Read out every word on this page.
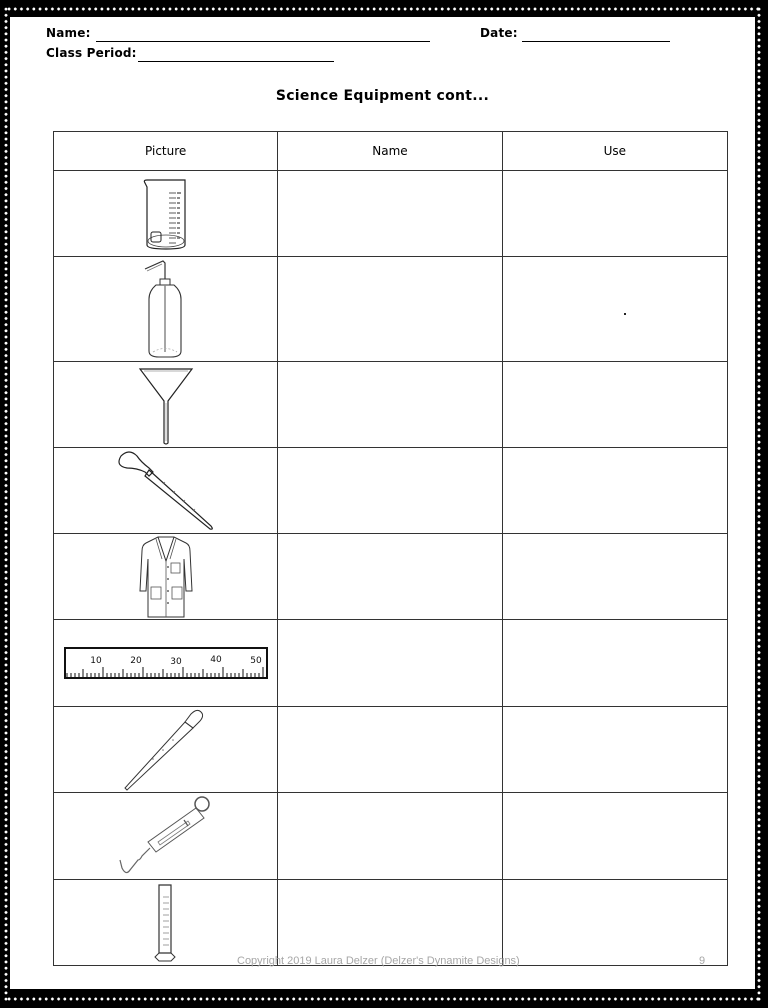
Name:	Date:
Class Period:
Science Equipment cont...
Picture	Name	Use

10 20 30 40 50		

Copyright 2019 Laura Delzer (Delzer's Dynamite Designs)	9
